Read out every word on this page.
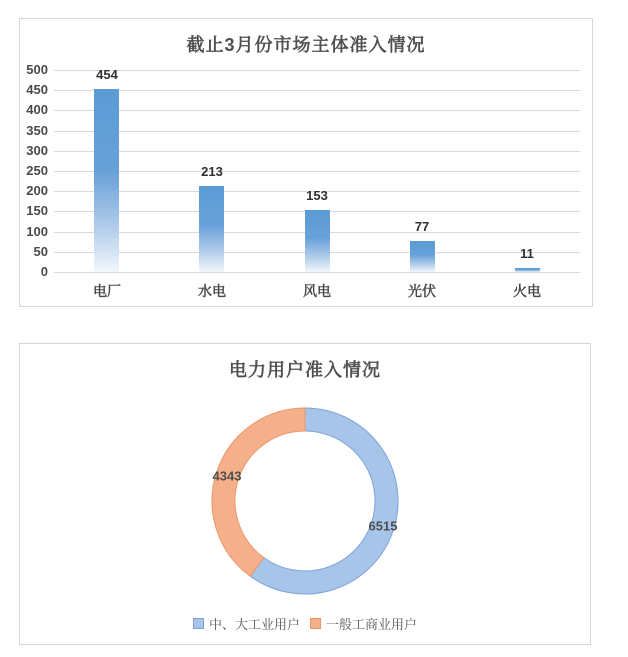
截止3月份市场主体准入情况
0
50
100
150
200
250
300
350
400
450
500	454
电厂
213
水电
153
风电
77
光伏
11
火电
电力用户准入情况
6515
4343
中、大工业用户 一般工商业用户
